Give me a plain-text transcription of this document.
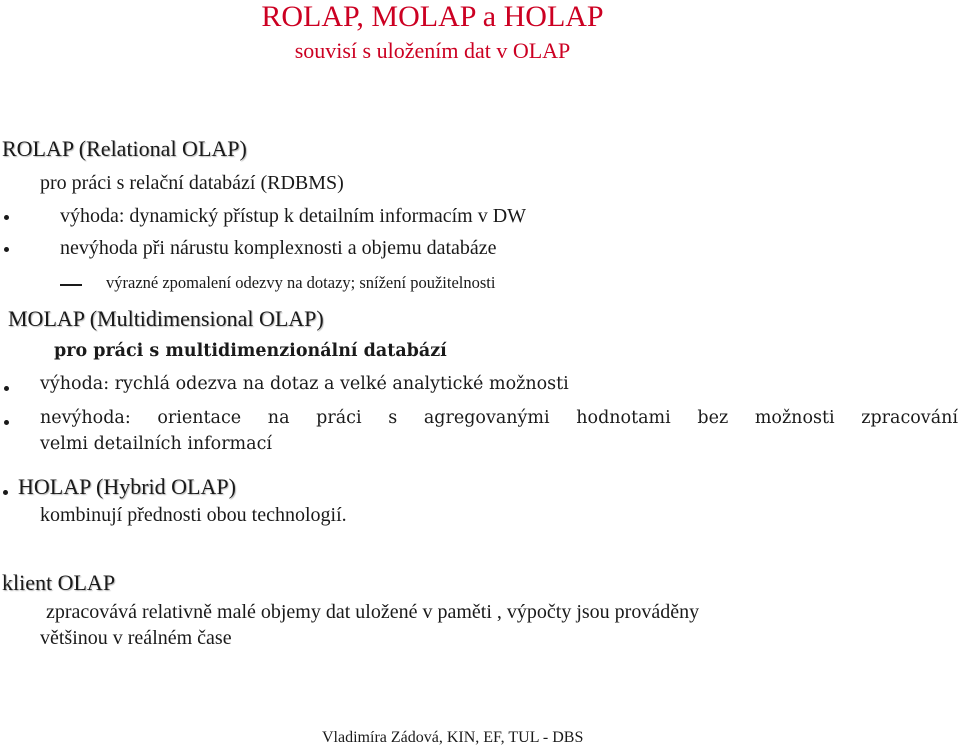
ROLAP, MOLAP a HOLAP
souvisí s uložením dat v OLAP
ROLAP (Relational OLAP)
pro práci s relační databází (RDBMS)
výhoda: dynamický přístup k detailním informacím v DW
nevýhoda při nárustu komplexnosti a objemu databáze
výrazné zpomalení odezvy na dotazy; snížení použitelnosti
MOLAP (Multidimensional OLAP)
pro práci s multidimenzionální databází
výhoda: rychlá odezva na dotaz a velké analytické možnosti
nevýhoda: orientace na práci s agregovanými hodnotami bez možnosti zpracování
velmi detailních informací
HOLAP (Hybrid OLAP)
kombinují přednosti obou technologií.
klient OLAP
zpracovává relativně malé objemy dat uložené v paměti , výpočty jsou prováděny
většinou v reálném čase
Vladimíra Zádová, KIN, EF, TUL - DBS
